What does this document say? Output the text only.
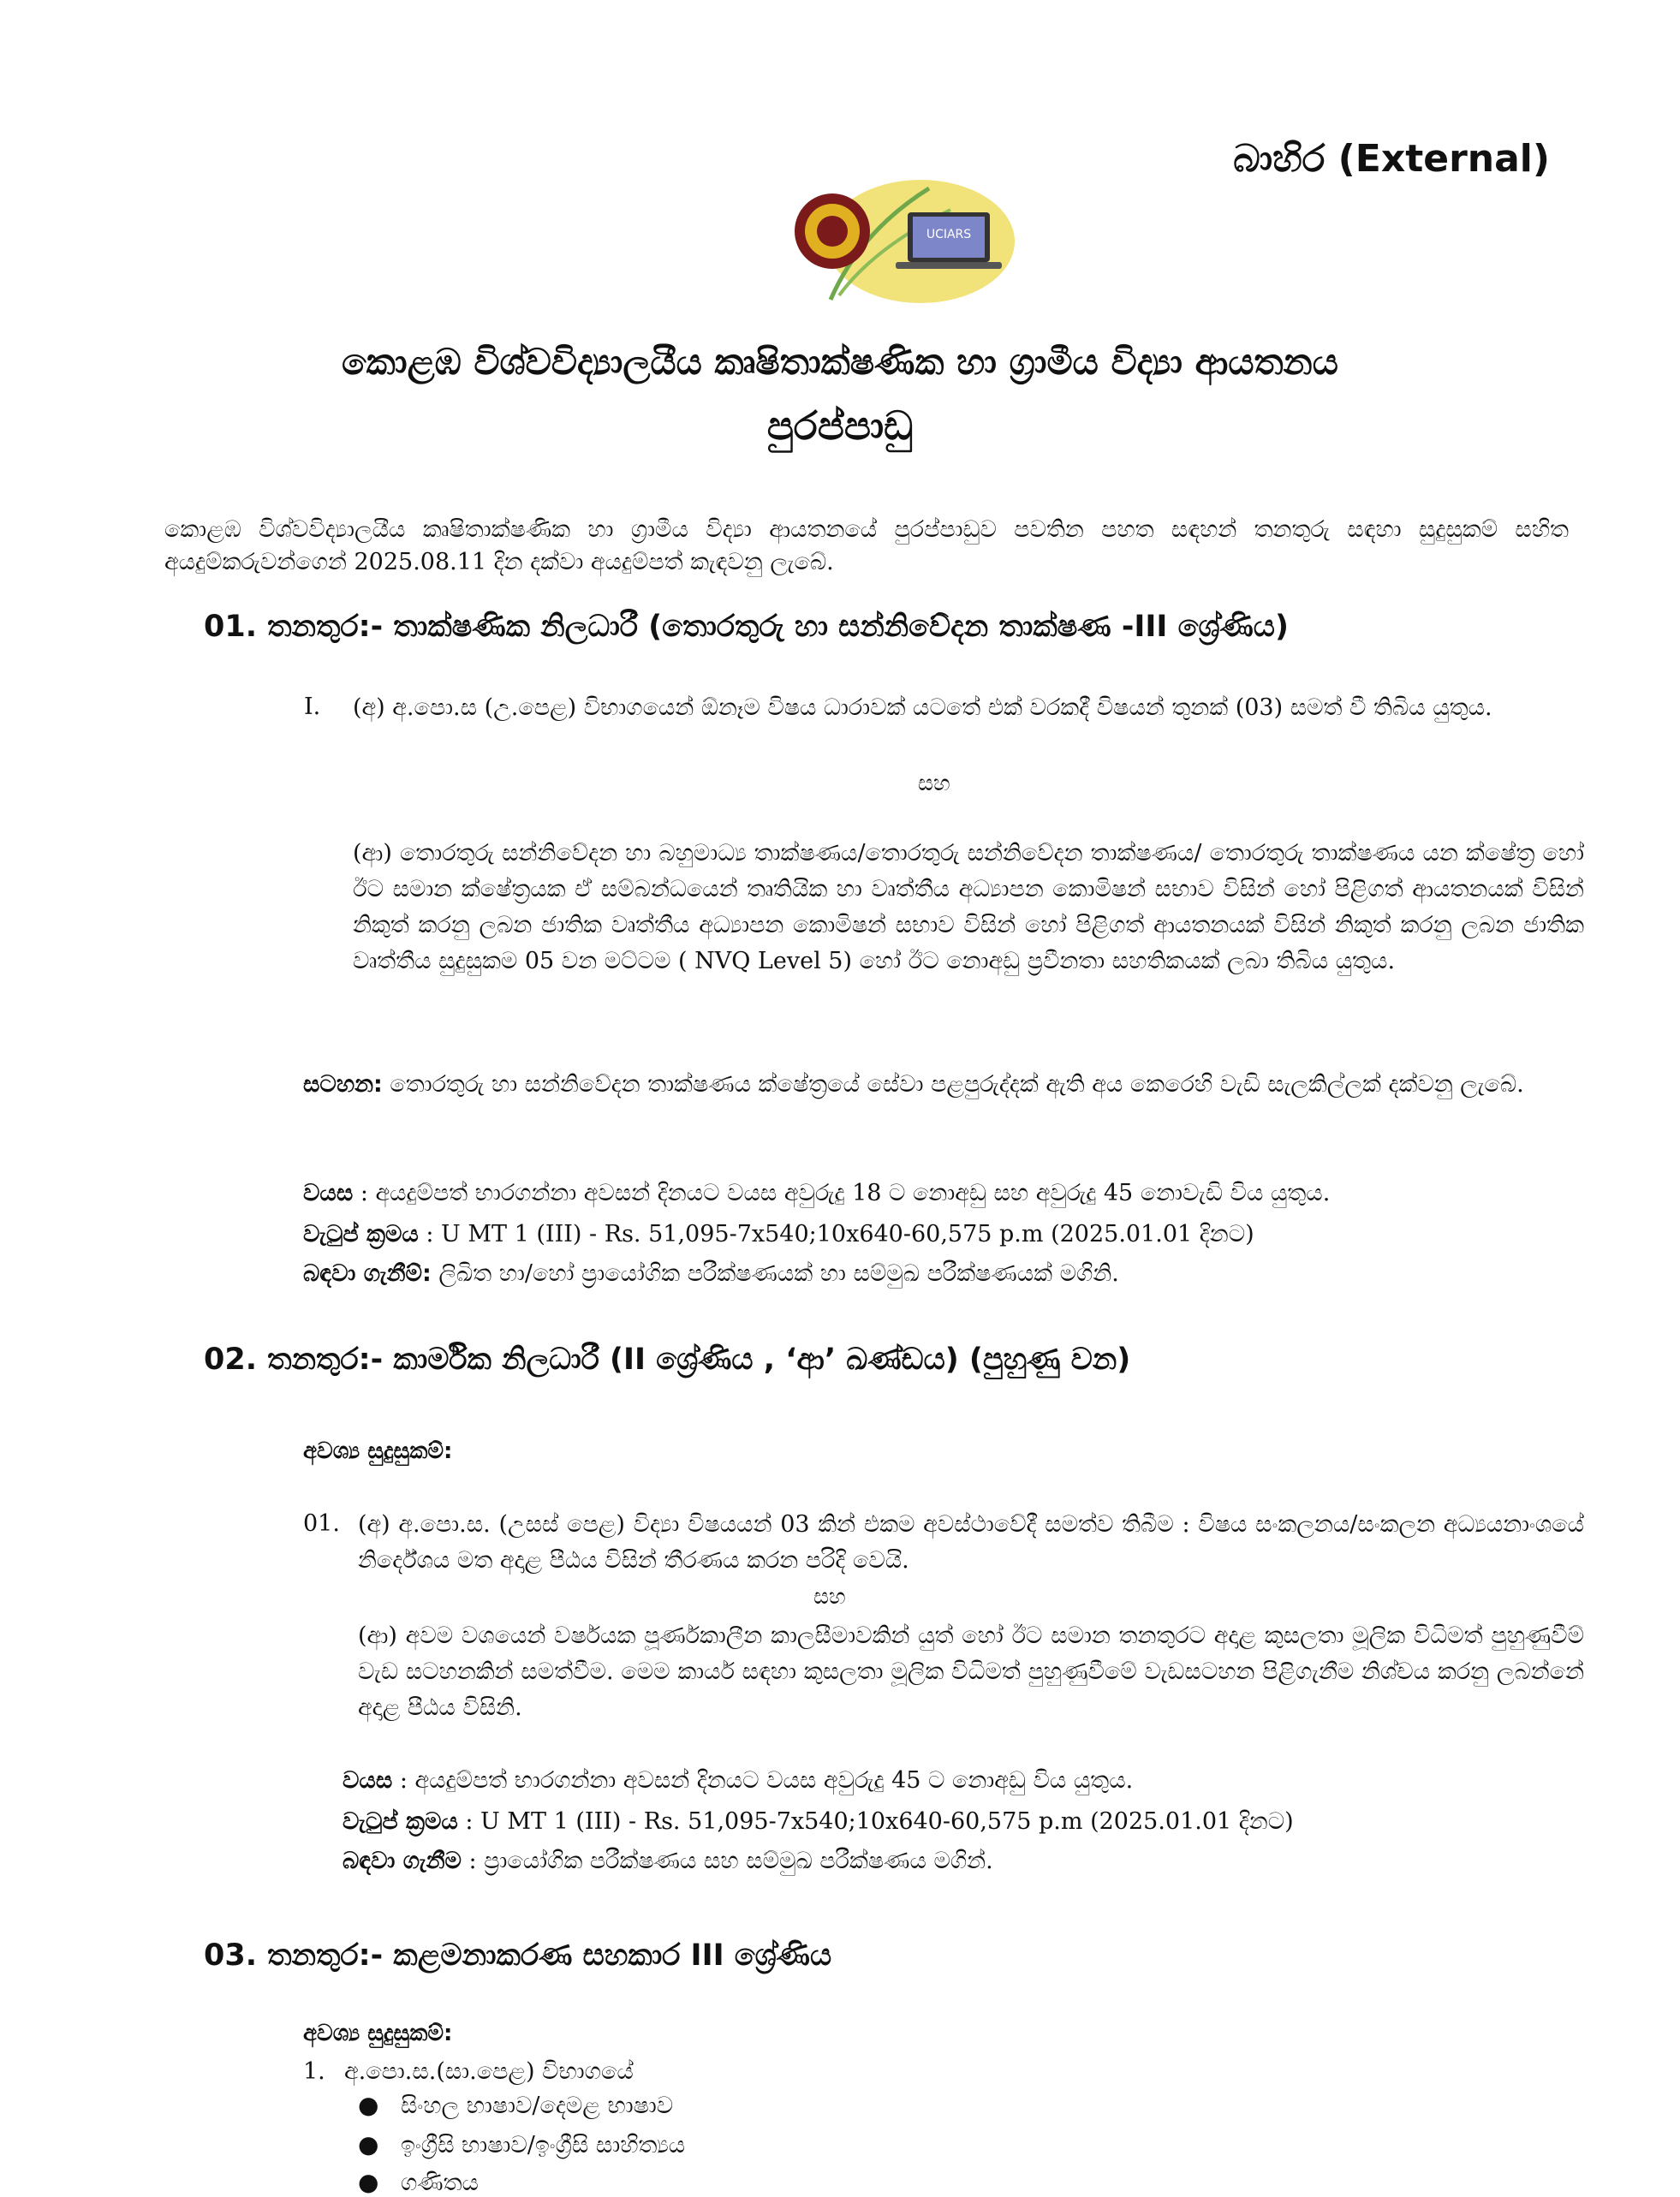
බාහිර (External)
UCIARS
කොළඹ විශ්වවිද්‍යාලයීය කෘෂිතාක්ෂණික හා ග්‍රාමීය විද්‍යා ආයතනය
පුරප්පාඩු
කොළඹ විශ්වවිද්‍යාලයීය කෘෂිතාක්ෂණික හා ග්‍රාමීය විද්‍යා ආයතනයේ පුරප්පාඩුව පවතින පහත සඳහන් තනතුරු සඳහා සුදුසුකම් සහිත අයදුම්කරුවන්ගෙන් 2025.08.11 දින දක්වා අයදුම්පත් කැඳවනු ලැබේ.
01. තනතුර:- තාක්ෂණික නිලධාරී (තොරතුරු හා සන්නිවේදන තාක්ෂණ -III ශ්‍රේණිය)
I. (අ) අ.පො.ස (උ.පෙළ) විභාගයෙන් ඕනෑම විෂය ධාරාවක් යටතේ එක් වරකදී විෂයන් තුනක් (03) සමත් වී තිබිය යුතුය.
සහ
(ආ) තොරතුරු සන්නිවේදන හා බහුමාධ්‍ය තාක්ෂණය/තොරතුරු සන්නිවේදන තාක්ෂණය/ තොරතුරු තාක්ෂණය යන ක්ෂේත්‍ර හෝ ඊට සමාන ක්ෂේත්‍රයක ඒ සම්බන්ධයෙන් තෘතියික හා වෘත්තීය අධ්‍යාපන කොමිෂන් සභාව විසින් හෝ පිළිගත් ආයතනයක් විසින් නිකුත් කරනු ලබන ජාතික වෘත්තීය අධ්‍යාපන කොමිෂන් සභාව විසින් හෝ පිළිගත් ආයතනයක් විසින් නිකුත් කරනු ලබන ජාතික වෘත්තීය සුදුසුකම 05 වන මට්ටම ( NVQ Level 5) හෝ ඊට නොඅඩු ප්‍රවීනතා සහතිකයක් ලබා තිබිය යුතුය.
සටහන: තොරතුරු හා සන්නිවේදන තාක්ෂණය ක්ෂේත්‍රයේ සේවා පළපුරුද්දක් ඇති අය කෙරෙහි වැඩි සැලකිල්ලක් දක්වනු ලැබේ.
වයස : අයදුම්පත් භාරගන්නා අවසන් දිනයට වයස අවුරුදු 18 ට නොඅඩු සහ අවුරුදු 45 නොවැඩි විය යුතුය.
වැටුප් ක්‍රමය : U MT 1 (III) - Rs. 51,095-7x540;10x640-60,575 p.m (2025.01.01 දිනට)
බඳවා ගැනීම්: ලිඛිත හා/හෝ ප්‍රායෝගික පරීක්ෂණයක් හා සම්මුඛ පරීක්ෂණයක් මගිනි.
02. තනතුර:- කාර්මික නිලධාරී (II ශ්‍රේණිය , ‘ආ’ ඛණ්ඩය) (පුහුණු වන)
අවශ්‍ය සුදුසුකම්:
01. (අ) අ.පො.ස. (උසස් පෙළ) විද්‍යා විෂයයන් 03 කින් එකම අවස්ථාවේදී සමත්ව තිබීම : විෂය සංකලනය/සංකලන අධ්‍යයනාංශයේ නිර්දේශය මත අදාළ පීඨය විසින් තීරණය කරන පරිදි වෙයි.
සහ
(ආ) අවම වශයෙන් වර්ෂයක පූර්ණකාලීන කාලසීමාවකින් යුත් හෝ ඊට සමාන තනතුරට අදාළ කුසලතා මූලික විධිමත් පුහුණුවීම් වැඩ සටහනකින් සමත්වීම. මෙම කාර්ය සඳහා කුසලතා මූලික විධිමත් පුහුණුවීමේ වැඩසටහන පිළිගැනීම නිශ්චය කරනු ලබන්නේ අදාළ පීඨය විසිනි.
වයස : අයදුම්පත් භාරගන්නා අවසන් දිනයට වයස අවුරුදු 45 ට නොඅඩු විය යුතුය.
වැටුප් ක්‍රමය : U MT 1 (III) - Rs. 51,095-7x540;10x640-60,575 p.m (2025.01.01 දිනට)
බඳවා ගැනීම : ප්‍රායෝගික පරීක්ෂණය සහ සම්මුඛ පරීක්ෂණය මගින්.
03. තනතුර:- කළමනාකරණ සහකාර III ශ්‍රේණිය
අවශ්‍ය සුදුසුකම්:
1. අ.පො.ස.(සා.පෙළ) විභාගයේ
● සිංහල භාෂාව/දෙමළ භාෂාව
● ඉංග්‍රීසි භාෂාව/ඉංග්‍රීසි සාහිත්‍යය
● ගණිතය
